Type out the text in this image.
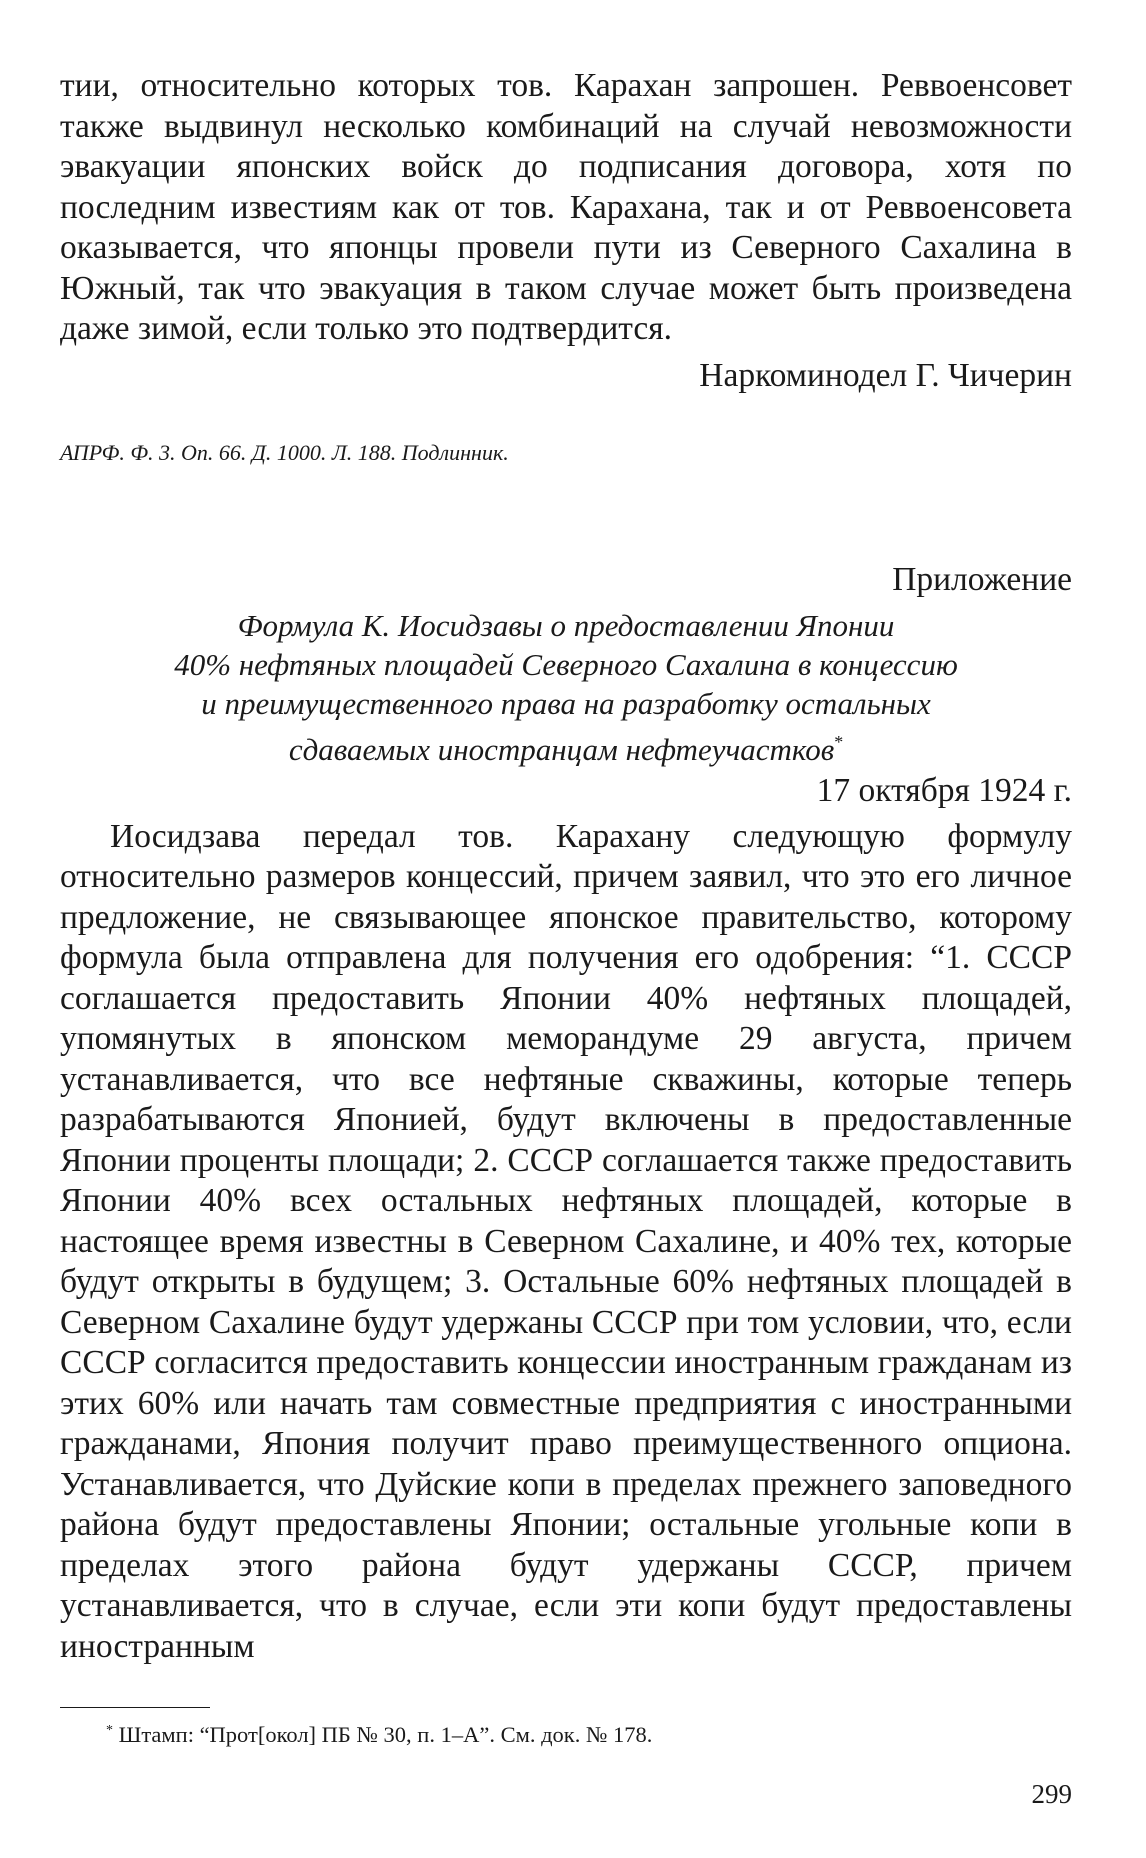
тии, относительно которых тов. Карахан запрошен. Реввоенсовет также выдвинул несколько комбинаций на случай невозможности эвакуации японских войск до подписания договора, хотя по последним известиям как от тов. Карахана, так и от Реввоенсовета оказывается, что японцы провели пути из Северного Сахалина в Южный, так что эвакуация в таком случае может быть произведена даже зимой, если только это подтвердится.

Наркоминодел Г. Чичерин

АПРФ. Ф. 3. Оп. 66. Д. 1000. Л. 188. Подлинник.

Приложение

Формула К. Иосидзавы о предоставлении Японии
40% нефтяных площадей Северного Сахалина в концессию
и преимущественного права на разработку остальных
сдаваемых иностранцам нефтеучастков*

17 октября 1924 г.

Иосидзава передал тов. Карахану следующую формулу относительно размеров концессий, причем заявил, что это его личное предложение, не связывающее японское правительство, которому формула была отправлена для получения его одобрения: “1. СССР соглашается предоставить Японии 40% нефтяных площадей, упомянутых в японском меморандуме 29 августа, причем устанавливается, что все нефтяные скважины, которые теперь разрабатываются Японией, будут включены в предоставленные Японии проценты площади; 2. СССР соглашается также предоставить Японии 40% всех остальных нефтяных площадей, которые в настоящее время известны в Северном Сахалине, и 40% тех, которые будут открыты в будущем; 3. Остальные 60% нефтяных площадей в Северном Сахалине будут удержаны СССР при том условии, что, если СССР согласится предоставить концессии иностранным гражданам из этих 60% или начать там совместные предприятия с иностранными гражданами, Япония получит право преимущественного опциона. Устанавливается, что Дуйские копи в пределах прежнего заповедного района будут предоставлены Японии; остальные угольные копи в пределах этого района будут удержаны СССР, причем устанавливается, что в случае, если эти копи будут предоставлены иностранным

* Штамп: “Прот[окол] ПБ № 30, п. 1–А”. См. док. № 178.
299
